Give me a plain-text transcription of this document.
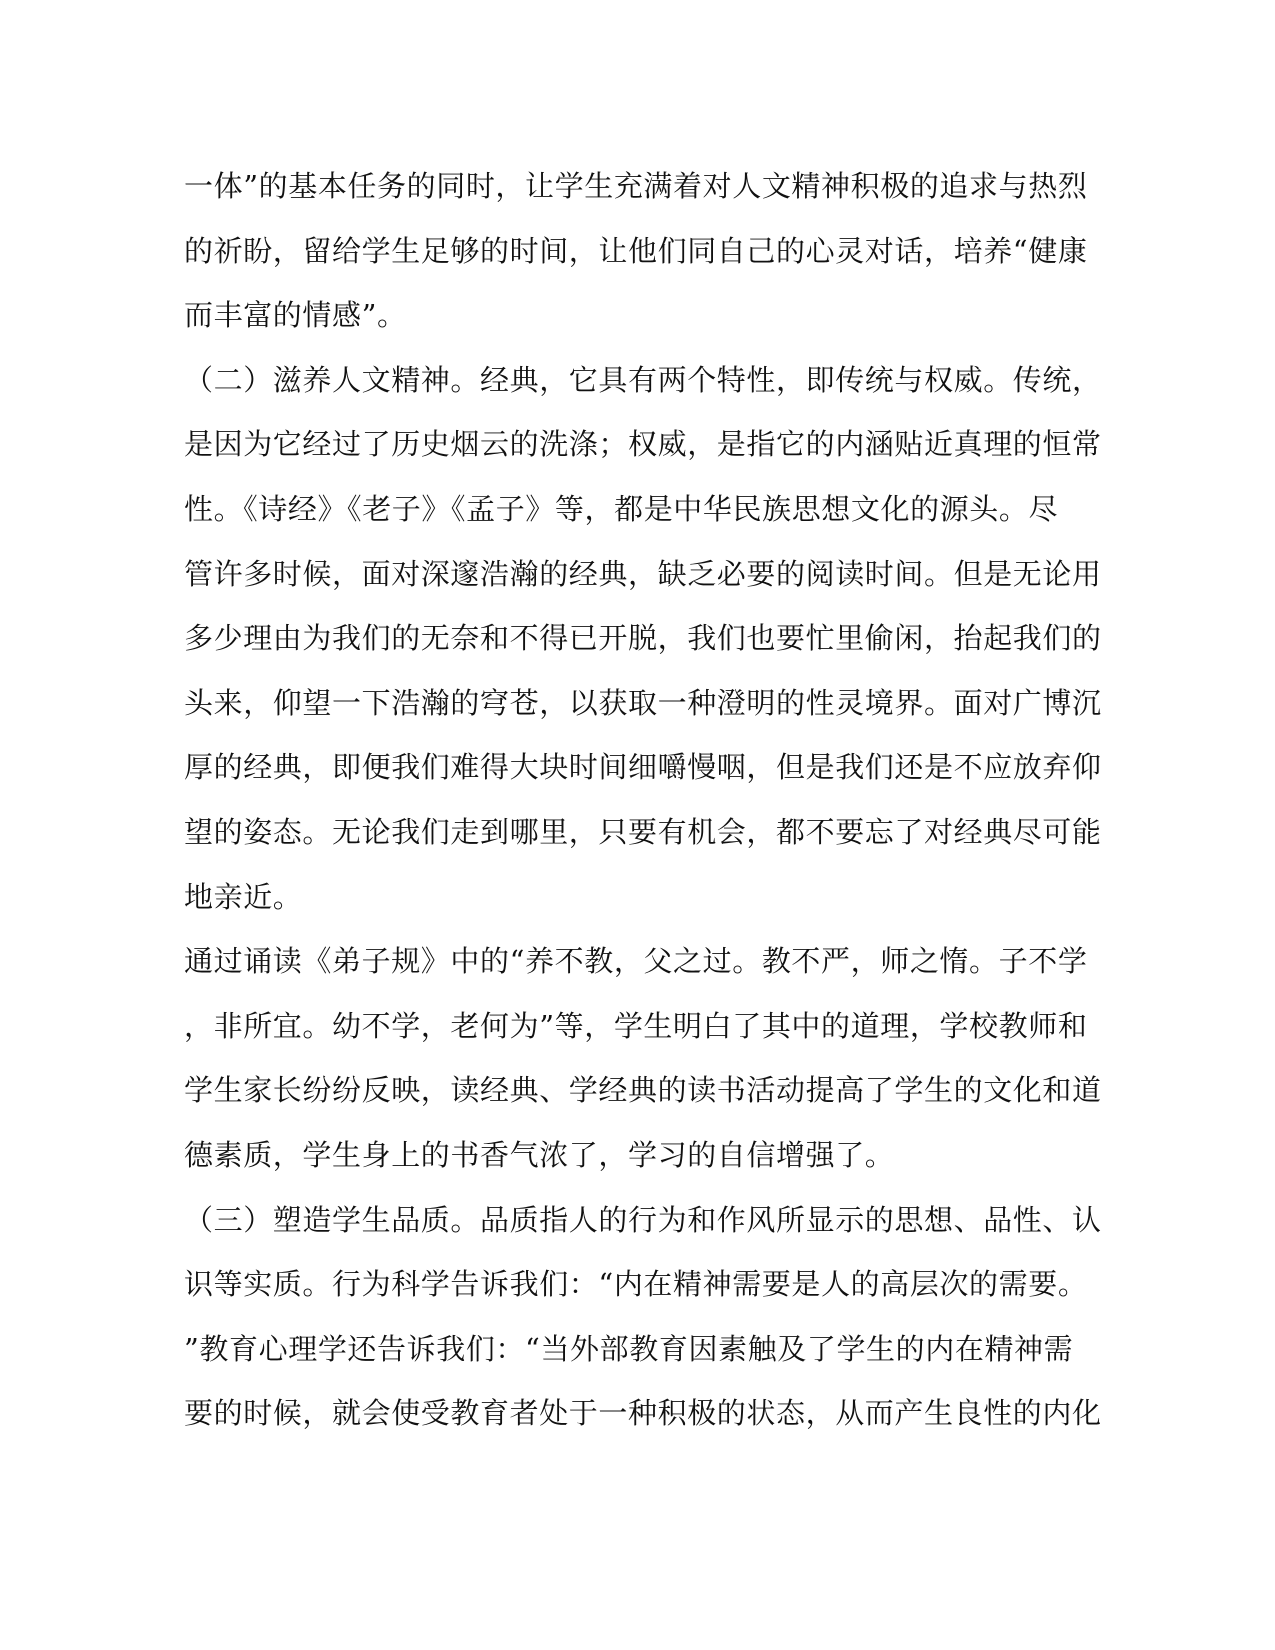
一体”的基本任务的同时，让学生充满着对人文精神积极的追求与热烈
的祈盼，留给学生足够的时间，让他们同自己的心灵对话，培养“健康
而丰富的情感”。
（二）滋养人文精神。经典，它具有两个特性，即传统与权威。传统，
是因为它经过了历史烟云的洗涤；权威，是指它的内涵贴近真理的恒常
性。《诗经》《老子》《孟子》等，都是中华民族思想文化的源头。尽
管许多时候，面对深邃浩瀚的经典，缺乏必要的阅读时间。但是无论用
多少理由为我们的无奈和不得已开脱，我们也要忙里偷闲，抬起我们的
头来，仰望一下浩瀚的穹苍，以获取一种澄明的性灵境界。面对广博沉
厚的经典，即便我们难得大块时间细嚼慢咽，但是我们还是不应放弃仰
望的姿态。无论我们走到哪里，只要有机会，都不要忘了对经典尽可能
地亲近。
通过诵读《弟子规》中的“养不教，父之过。教不严，师之惰。子不学
，非所宜。幼不学，老何为”等，学生明白了其中的道理，学校教师和
学生家长纷纷反映，读经典、学经典的读书活动提高了学生的文化和道
德素质，学生身上的书香气浓了，学习的自信增强了。
（三）塑造学生品质。品质指人的行为和作风所显示的思想、品性、认
识等实质。行为科学告诉我们：“内在精神需要是人的高层次的需要。
”教育心理学还告诉我们：“当外部教育因素触及了学生的内在精神需
要的时候，就会使受教育者处于一种积极的状态，从而产生良性的内化
